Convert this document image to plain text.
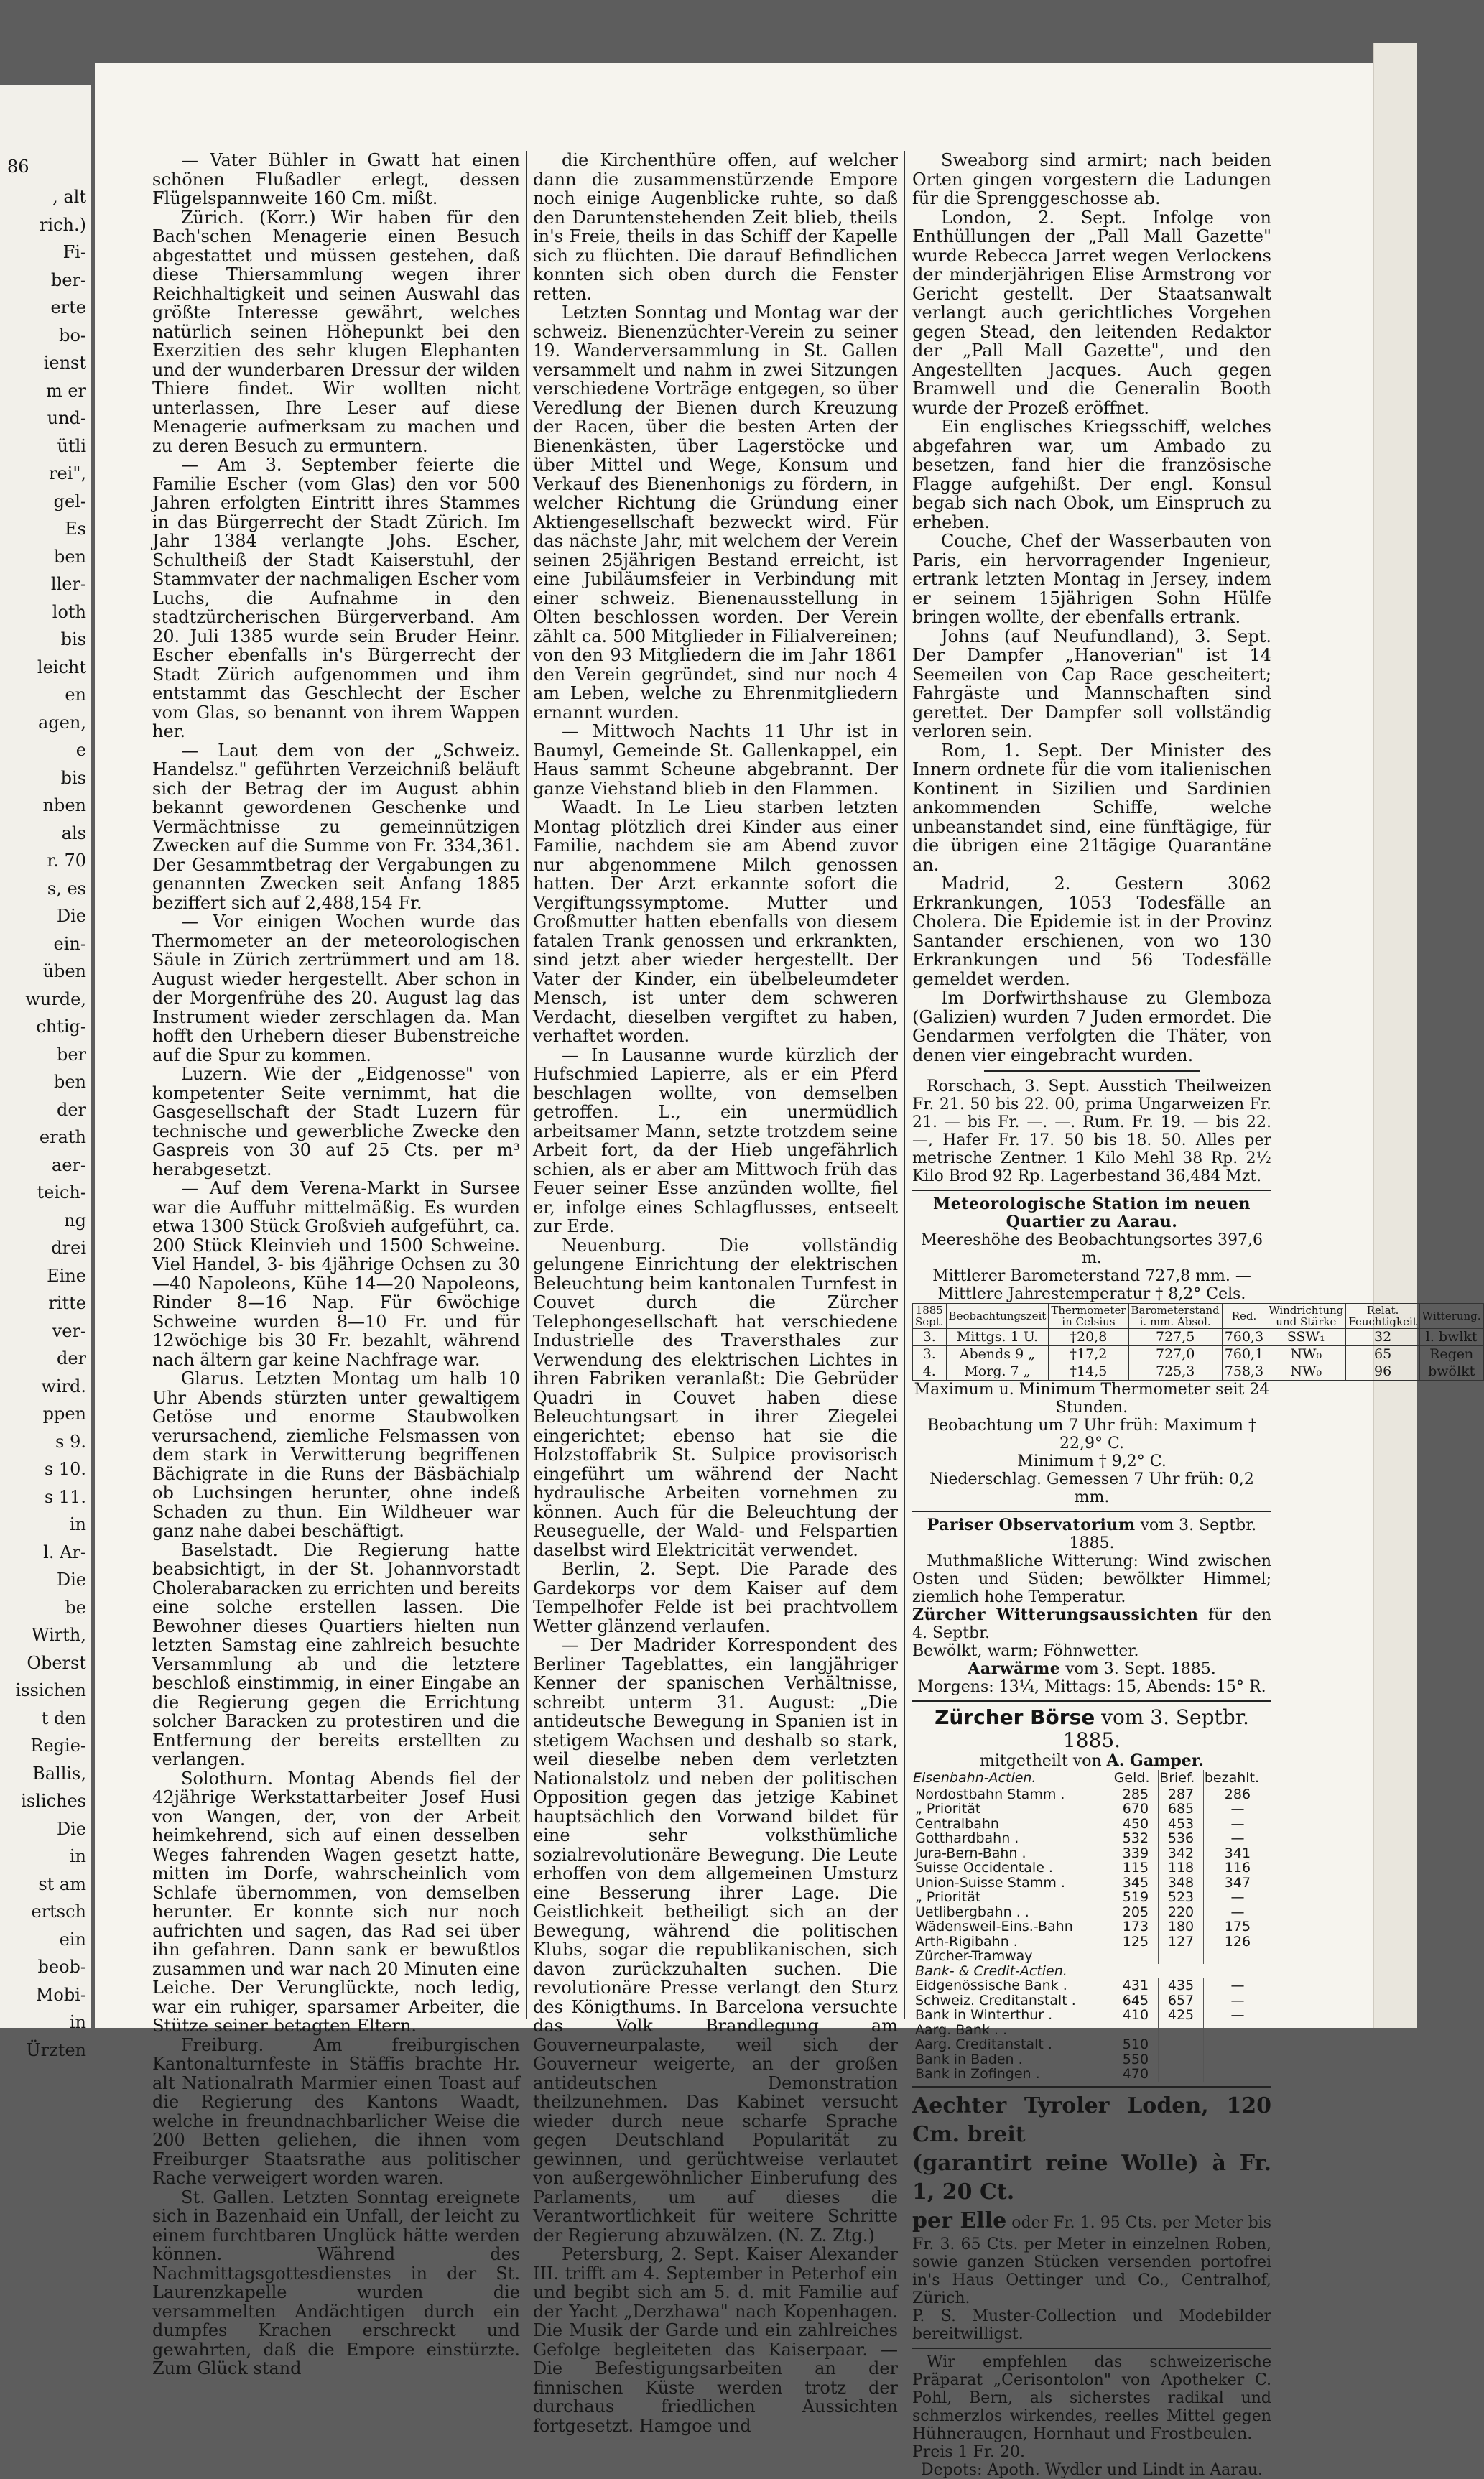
, alt
rich.)
Fi-
ber-
erte
bo-
ienst
m er
und-
ütli
rei",
gel-
Es
ben
ller-
loth
bis
leicht
en
agen,
e
bis
nben
als
r. 70
s, es
Die
ein-
üben
wurde,
chtig-
ber
ben
der
erath
aer-
teich-
ng
drei
Eine
ritte
ver-
der
wird.
ppen
s 9.
s 10.
s 11.
in
l. Ar-
Die
be
Wirth,
Oberst
issichen
t den
Regie-
Ballis,
isliches
Die
in
st am
ertsch
ein
beob-
Mobi-
in
Ürzten
86	— Vater Bühler in Gwatt hat einen schönen Flußadler erlegt, dessen Flügelspannweite 160 Cm. mißt.

Zürich. (Korr.) Wir haben für den Bach'schen Menagerie einen Besuch abgestattet und müssen gestehen, daß diese Thiersammlung wegen ihrer Reichhaltigkeit und seinen Auswahl das größte Interesse gewährt, welches natürlich seinen Höhepunkt bei den Exerzitien des sehr klugen Elephanten und der wunderbaren Dressur der wilden Thiere findet. Wir wollten nicht unterlassen, Ihre Leser auf diese Menagerie aufmerksam zu machen und zu deren Besuch zu ermuntern.

— Am 3. September feierte die Familie Escher (vom Glas) den vor 500 Jahren erfolgten Eintritt ihres Stammes in das Bürgerrecht der Stadt Zürich. Im Jahr 1384 verlangte Johs. Escher, Schultheiß der Stadt Kaiserstuhl, der Stammvater der nachmaligen Escher vom Luchs, die Aufnahme in den stadtzürcherischen Bürgerverband. Am 20. Juli 1385 wurde sein Bruder Heinr. Escher ebenfalls in's Bürgerrecht der Stadt Zürich aufgenommen und ihm entstammt das Geschlecht der Escher vom Glas, so benannt von ihrem Wappen her.

— Laut dem von der „Schweiz. Handelsz." geführten Verzeichniß beläuft sich der Betrag der im August abhin bekannt gewordenen Geschenke und Vermächtnisse zu gemeinnützigen Zwecken auf die Summe von Fr. 334,361. Der Gesammtbetrag der Vergabungen zu genannten Zwecken seit Anfang 1885 beziffert sich auf 2,488,154 Fr.

— Vor einigen Wochen wurde das Thermometer an der meteorologischen Säule in Zürich zertrümmert und am 18. August wieder hergestellt. Aber schon in der Morgenfrühe des 20. August lag das Instrument wieder zerschlagen da. Man hofft den Urhebern dieser Bubenstreiche auf die Spur zu kommen.

Luzern. Wie der „Eidgenosse" von kompetenter Seite vernimmt, hat die Gasgesellschaft der Stadt Luzern für technische und gewerbliche Zwecke den Gaspreis von 30 auf 25 Cts. per m³ herabgesetzt.

— Auf dem Verena-Markt in Sursee war die Auffuhr mittelmäßig. Es wurden etwa 1300 Stück Großvieh aufgeführt, ca. 200 Stück Kleinvieh und 1500 Schweine. Viel Handel, 3- bis 4jährige Ochsen zu 30—40 Napoleons, Kühe 14—20 Napoleons, Rinder 8—16 Nap. Für 6wöchige Schweine wurden 8—10 Fr. und für 12wöchige bis 30 Fr. bezahlt, während nach ältern gar keine Nachfrage war.

Glarus. Letzten Montag um halb 10 Uhr Abends stürzten unter gewaltigem Getöse und enorme Staubwolken verursachend, ziemliche Felsmassen von dem stark in Verwitterung begriffenen Bächigrate in die Runs der Bäsbächialp ob Luchsingen herunter, ohne indeß Schaden zu thun. Ein Wildheuer war ganz nahe dabei beschäftigt.

Baselstadt. Die Regierung hatte beabsichtigt, in der St. Johannvorstadt Cholerabaracken zu errichten und bereits eine solche erstellen lassen. Die Bewohner dieses Quartiers hielten nun letzten Samstag eine zahlreich besuchte Versammlung ab und die letztere beschloß einstimmig, in einer Eingabe an die Regierung gegen die Errichtung solcher Baracken zu protestiren und die Entfernung der bereits erstellten zu verlangen.

Solothurn. Montag Abends fiel der 42jährige Werkstattarbeiter Josef Husi von Wangen, der, von der Arbeit heimkehrend, sich auf einen desselben Weges fahrenden Wagen gesetzt hatte, mitten im Dorfe, wahrscheinlich vom Schlafe übernommen, von demselben herunter. Er konnte sich nur noch aufrichten und sagen, das Rad sei über ihn gefahren. Dann sank er bewußtlos zusammen und war nach 20 Minuten eine Leiche. Der Verunglückte, noch ledig, war ein ruhiger, sparsamer Arbeiter, die Stütze seiner betagten Eltern.

Freiburg. Am freiburgischen Kantonalturnfeste in Stäffis brachte Hr. alt Nationalrath Marmier einen Toast auf die Regierung des Kantons Waadt, welche in freundnachbarlicher Weise die 200 Betten geliehen, die ihnen vom Freiburger Staatsrathe aus politischer Rache verweigert worden waren.

St. Gallen. Letzten Sonntag ereignete sich in Bazenhaid ein Unfall, der leicht zu einem furchtbaren Unglück hätte werden können. Während des Nachmittagsgottesdienstes in der St. Laurenzkapelle wurden die versammelten Andächtigen durch ein dumpfes Krachen erschreckt und gewahrten, daß die Empore einstürzte. Zum Glück stand

die Kirchenthüre offen, auf welcher dann die zusammenstürzende Empore noch einige Augenblicke ruhte, so daß den Daruntenstehenden Zeit blieb, theils in's Freie, theils in das Schiff der Kapelle sich zu flüchten. Die darauf Befindlichen konnten sich oben durch die Fenster retten.

Letzten Sonntag und Montag war der schweiz. Bienenzüchter-Verein zu seiner 19. Wanderversammlung in St. Gallen versammelt und nahm in zwei Sitzungen verschiedene Vorträge entgegen, so über Veredlung der Bienen durch Kreuzung der Racen, über die besten Arten der Bienenkästen, über Lagerstöcke und über Mittel und Wege, Konsum und Verkauf des Bienenhonigs zu fördern, in welcher Richtung die Gründung einer Aktiengesellschaft bezweckt wird. Für das nächste Jahr, mit welchem der Verein seinen 25jährigen Bestand erreicht, ist eine Jubiläumsfeier in Verbindung mit einer schweiz. Bienenausstellung in Olten beschlossen worden. Der Verein zählt ca. 500 Mitglieder in Filialvereinen; von den 93 Mitgliedern die im Jahr 1861 den Verein gegründet, sind nur noch 4 am Leben, welche zu Ehrenmitgliedern ernannt wurden.

— Mittwoch Nachts 11 Uhr ist in Baumyl, Gemeinde St. Gallenkappel, ein Haus sammt Scheune abgebrannt. Der ganze Viehstand blieb in den Flammen.

Waadt. In Le Lieu starben letzten Montag plötzlich drei Kinder aus einer Familie, nachdem sie am Abend zuvor nur abgenommene Milch genossen hatten. Der Arzt erkannte sofort die Vergiftungssymptome. Mutter und Großmutter hatten ebenfalls von diesem fatalen Trank genossen und erkrankten, sind jetzt aber wieder hergestellt. Der Vater der Kinder, ein übelbeleumdeter Mensch, ist unter dem schweren Verdacht, dieselben vergiftet zu haben, verhaftet worden.

— In Lausanne wurde kürzlich der Hufschmied Lapierre, als er ein Pferd beschlagen wollte, von demselben getroffen. L., ein unermüdlich arbeitsamer Mann, setzte trotzdem seine Arbeit fort, da der Hieb ungefährlich schien, als er aber am Mittwoch früh das Feuer seiner Esse anzünden wollte, fiel er, infolge eines Schlagflusses, entseelt zur Erde.

Neuenburg. Die vollständig gelungene Einrichtung der elektrischen Beleuchtung beim kantonalen Turnfest in Couvet durch die Zürcher Telephongesellschaft hat verschiedene Industrielle des Traversthales zur Verwendung des elektrischen Lichtes in ihren Fabriken veranlaßt: Die Gebrüder Quadri in Couvet haben diese Beleuchtungsart in ihrer Ziegelei eingerichtet; ebenso hat sie die Holzstoffabrik St. Sulpice provisorisch eingeführt um während der Nacht hydraulische Arbeiten vornehmen zu können. Auch für die Beleuchtung der Reuseguelle, der Wald- und Felspartien daselbst wird Elektricität verwendet.

Berlin, 2. Sept. Die Parade des Gardekorps vor dem Kaiser auf dem Tempelhofer Felde ist bei prachtvollem Wetter glänzend verlaufen.

— Der Madrider Korrespondent des Berliner Tageblattes, ein langjähriger Kenner der spanischen Verhältnisse, schreibt unterm 31. August: „Die antideutsche Bewegung in Spanien ist in stetigem Wachsen und deshalb so stark, weil dieselbe neben dem verletzten Nationalstolz und neben der politischen Opposition gegen das jetzige Kabinet hauptsächlich den Vorwand bildet für eine sehr volksthümliche sozialrevolutionäre Bewegung. Die Leute erhoffen von dem allgemeinen Umsturz eine Besserung ihrer Lage. Die Geistlichkeit betheiligt sich an der Bewegung, während die politischen Klubs, sogar die republikanischen, sich davon zurückzuhalten suchen. Die revolutionäre Presse verlangt den Sturz des Königthums. In Barcelona versuchte das Volk Brandlegung am Gouverneurpalaste, weil sich der Gouverneur weigerte, an der großen antideutschen Demonstration theilzunehmen. Das Kabinet versucht wieder durch neue scharfe Sprache gegen Deutschland Popularität zu gewinnen, und gerüchtweise verlautet von außergewöhnlicher Einberufung des Parlaments, um auf dieses die Verantwortlichkeit für weitere Schritte der Regierung abzuwälzen. (N. Z. Ztg.)

Petersburg, 2. Sept. Kaiser Alexander III. trifft am 4. September in Peterhof ein und begibt sich am 5. d. mit Familie auf der Yacht „Derzhawa" nach Kopenhagen. Die Musik der Garde und ein zahlreiches Gefolge begleiteten das Kaiserpaar. — Die Befestigungsarbeiten an der finnischen Küste werden trotz der durchaus friedlichen Aussichten fortgesetzt. Hamgoe und

Sweaborg sind armirt; nach beiden Orten gingen vorgestern die Ladungen für die Sprenggeschosse ab.

London, 2. Sept. Infolge von Enthüllungen der „Pall Mall Gazette" wurde Rebecca Jarret wegen Verlockens der minderjährigen Elise Armstrong vor Gericht gestellt. Der Staatsanwalt verlangt auch gerichtliches Vorgehen gegen Stead, den leitenden Redaktor der „Pall Mall Gazette", und den Angestellten Jacques. Auch gegen Bramwell und die Generalin Booth wurde der Prozeß eröffnet.

Ein englisches Kriegsschiff, welches abgefahren war, um Ambado zu besetzen, fand hier die französische Flagge aufgehißt. Der engl. Konsul begab sich nach Obok, um Einspruch zu erheben.

Couche, Chef der Wasserbauten von Paris, ein hervorragender Ingenieur, ertrank letzten Montag in Jersey, indem er seinem 15jährigen Sohn Hülfe bringen wollte, der ebenfalls ertrank.

Johns (auf Neufundland), 3. Sept. Der Dampfer „Hanoverian" ist 14 Seemeilen von Cap Race gescheitert; Fahrgäste und Mannschaften sind gerettet. Der Dampfer soll vollständig verloren sein.

Rom, 1. Sept. Der Minister des Innern ordnete für die vom italienischen Kontinent in Sizilien und Sardinien ankommenden Schiffe, welche unbeanstandet sind, eine fünftägige, für die übrigen eine 21tägige Quarantäne an.

Madrid, 2. Gestern 3062 Erkrankungen, 1053 Todesfälle an Cholera. Die Epidemie ist in der Provinz Santander erschienen, von wo 130 Erkrankungen und 56 Todesfälle gemeldet werden.

Im Dorfwirthshause zu Glemboza (Galizien) wurden 7 Juden ermordet. Die Gendarmen verfolgten die Thäter, von denen vier eingebracht wurden.

Rorschach, 3. Sept. Ausstich Theilweizen Fr. 21. 50 bis 22. 00, prima Ungarweizen Fr. 21. — bis Fr. —. —. Rum. Fr. 19. — bis 22. —, Hafer Fr. 17. 50 bis 18. 50. Alles per metrische Zentner. 1 Kilo Mehl 38 Rp. 2½ Kilo Brod 92 Rp. Lagerbestand 36,484 Mzt.

Meteorologische Station im neuen Quartier zu Aarau.
Meereshöhe des Beobachtungsortes 397,6 m.
Mittlerer Barometerstand 727,8 mm. — Mittlere Jahrestemperatur † 8,2° Cels.
1885 Sept.	Beobachtungszeit	Thermometer in Celsius	Barometerstand i. mm. Absol.	Red.	Windrichtung und Stärke	Relat. Feuchtigkeit	Witterung.
3.	Mittgs. 1 U.	†20,8	727,5	760,3	SSW₁	32	l. bwlkt
3.	Abends 9 „	†17,2	727,0	760,1	NW₀	65	Regen
4.	Morg. 7 „	†14,5	725,3	758,3	NW₀	96	bwölkt
Maximum u. Minimum Thermometer seit 24 Stunden.
Beobachtung um 7 Uhr früh: Maximum † 22,9° C.
Minimum † 9,2° C.
Niederschlag. Gemessen 7 Uhr früh: 0,2 mm.
Pariser Observatorium vom 3. Septbr. 1885.
Muthmaßliche Witterung: Wind zwischen Osten und Süden; bewölkter Himmel; ziemlich hohe Temperatur.
Zürcher Witterungsaussichten für den 4. Septbr.
Bewölkt, warm; Föhnwetter.
Aarwärme vom 3. Sept. 1885.
Morgens: 13¼, Mittags: 15, Abends: 15° R.
Zürcher Börse vom 3. Septbr. 1885.
mitgetheilt von A. Gamper.
Eisenbahn-Actien.	Geld.	Brief.	bezahlt.
Nordostbahn Stamm .	285	287	286
„ Priorität	670	685	—
Centralbahn	450	453	—
Gotthardbahn .	532	536	—
Jura-Bern-Bahn .	339	342	341
Suisse Occidentale .	115	118	116
Union-Suisse Stamm .	345	348	347
„ Priorität	519	523	—
Uetlibergbahn . .	205	220	—
Wädensweil-Eins.-Bahn	173	180	175
Arth-Rigibahn .	125	127	126
Zürcher-Tramway			
Bank- & Credit-Actien.			
Eidgenössische Bank .	431	435	—
Schweiz. Creditanstalt .	645	657	—
Bank in Winterthur .	410	425	—
Aarg. Bank . .			
Aarg. Creditanstalt .	510		
Bank in Baden .	550		
Bank in Zofingen .	470		
Aechter Tyroler Loden, 120 Cm. breit
(garantirt reine Wolle) à Fr. 1, 20 Ct.
per Elle oder Fr. 1. 95 Cts. per Meter bis Fr. 3. 65 Cts. per Meter in einzelnen Roben, sowie ganzen Stücken versenden portofrei in's Haus Oettinger und Co., Centralhof, Zürich.
P. S. Muster-Collection und Modebilder bereitwilligst.
Wir empfehlen das schweizerische Präparat „Cerisontolon" von Apotheker C. Pohl, Bern, als sicherstes radikal und schmerzlos wirkendes, reelles Mittel gegen Hühneraugen, Hornhaut und Frostbeulen.
Preis 1 Fr. 20.
Depots: Apoth. Wydler und Lindt in Aarau.
